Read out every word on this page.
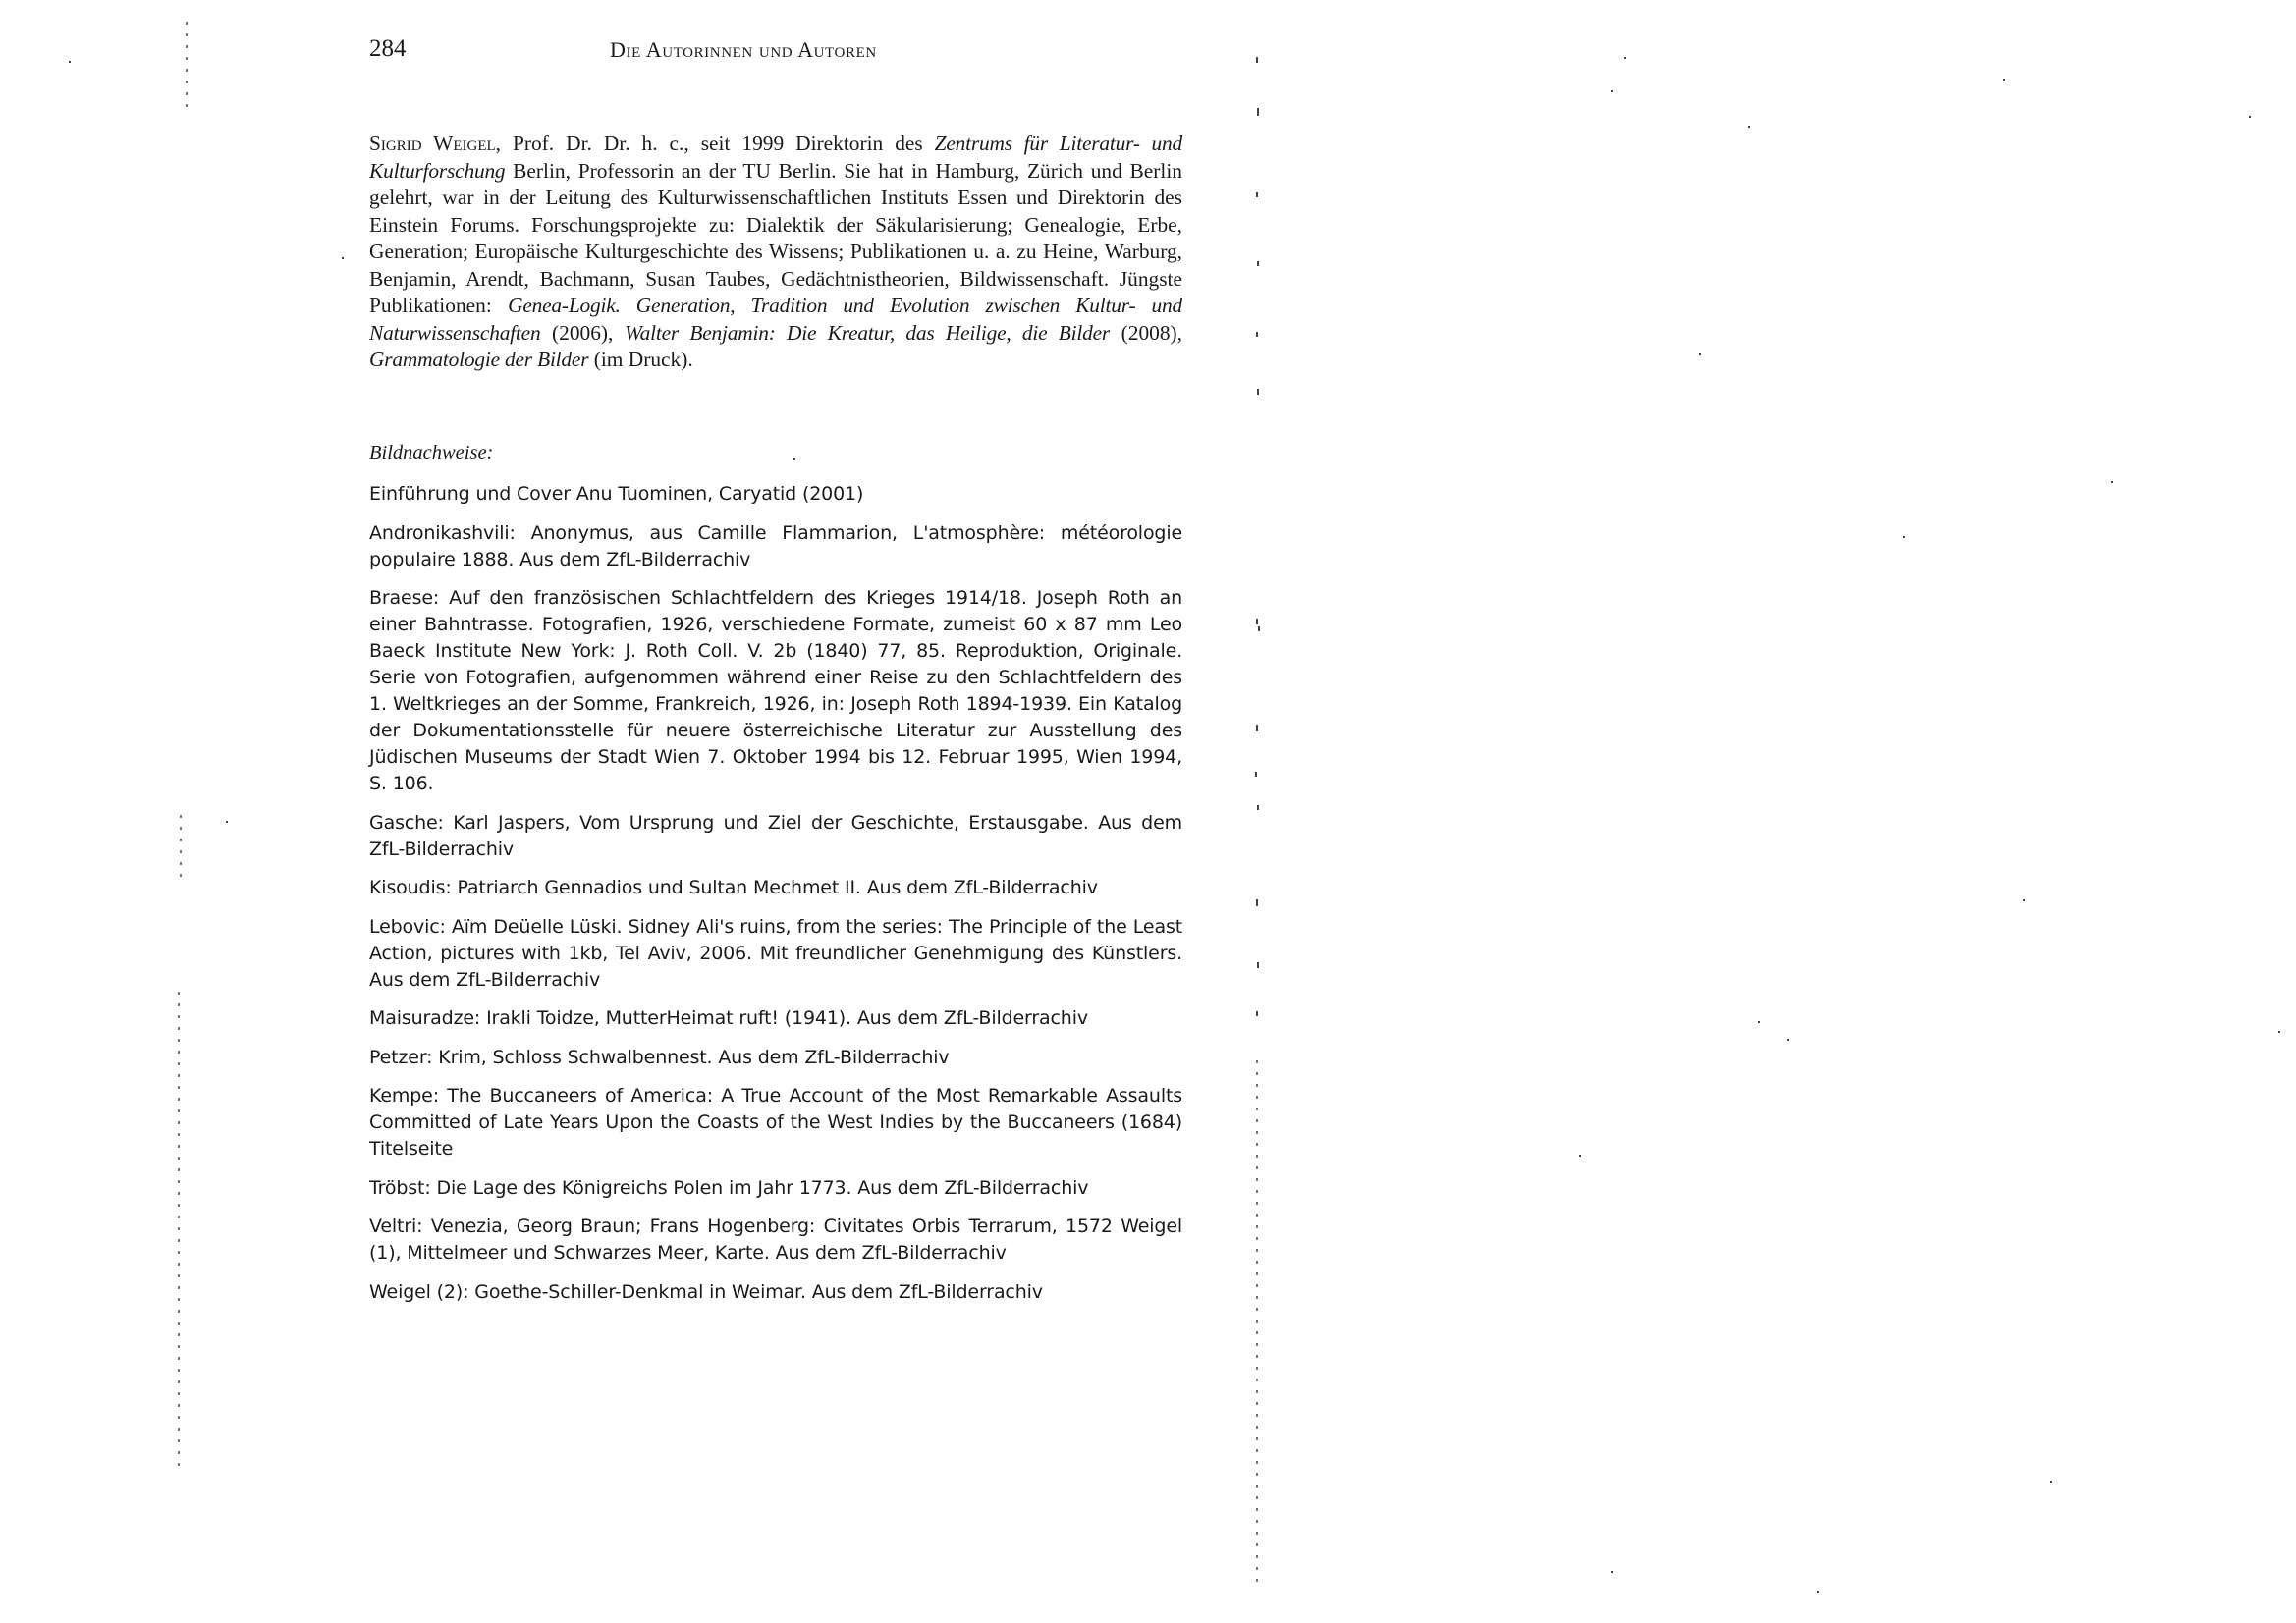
284	Die Autorinnen und Autoren

Sigrid Weigel, Prof. Dr. Dr. h. c., seit 1999 Direktorin des Zentrums für Literatur- und Kulturforschung Berlin, Professorin an der TU Berlin. Sie hat in Hamburg, Zürich und Berlin gelehrt, war in der Leitung des Kulturwissenschaftlichen Instituts Essen und Direktorin des Einstein Forums. Forschungsprojekte zu: Dialektik der Säkularisierung; Genealogie, Erbe, Generation; Europäische Kulturgeschichte des Wissens; Publikationen u. a. zu Heine, Warburg, Benjamin, Arendt, Bachmann, Susan Taubes, Gedächtnistheorien, Bildwissenschaft. Jüngste Publikationen: Genea-Logik. Generation, Tradition und Evolution zwischen Kultur- und Naturwissenschaften (2006), Walter Benjamin: Die Kreatur, das Heilige, die Bilder (2008), Grammatologie der Bilder (im Druck).

Bildnachweise:

Einführung und Cover Anu Tuominen, Caryatid (2001)

Andronikashvili: Anonymus, aus Camille Flammarion, L'atmosphère: météorologie populaire 1888. Aus dem ZfL-Bilderrachiv

Braese: Auf den französischen Schlachtfeldern des Krieges 1914/18. Joseph Roth an einer Bahntrasse. Fotografien, 1926, verschiedene Formate, zumeist 60 x 87 mm Leo Baeck Institute New York: J. Roth Coll. V. 2b (1840) 77, 85. Reproduktion, Originale. Serie von Fotografien, aufgenommen während einer Reise zu den Schlachtfeldern des 1. Weltkrieges an der Somme, Frankreich, 1926, in: Joseph Roth 1894-1939. Ein Katalog der Dokumentationsstelle für neuere österreichische Literatur zur Ausstellung des Jüdischen Museums der Stadt Wien 7. Oktober 1994 bis 12. Februar 1995, Wien 1994, S. 106.

Gasche: Karl Jaspers, Vom Ursprung und Ziel der Geschichte, Erstausgabe. Aus dem ZfL-Bilderrachiv

Kisoudis: Patriarch Gennadios und Sultan Mechmet II. Aus dem ZfL-Bilderrachiv

Lebovic: Aïm Deüelle Lüski. Sidney Ali's ruins, from the series: The Principle of the Least Action, pictures with 1kb, Tel Aviv, 2006. Mit freundlicher Genehmigung des Künstlers. Aus dem ZfL-Bilderrachiv

Maisuradze: Irakli Toidze, MutterHeimat ruft! (1941). Aus dem ZfL-Bilderrachiv

Petzer: Krim, Schloss Schwalbennest. Aus dem ZfL-Bilderrachiv

Kempe: The Buccaneers of America: A True Account of the Most Remarkable Assaults Committed of Late Years Upon the Coasts of the West Indies by the Buccaneers (1684) Titelseite

Tröbst: Die Lage des Königreichs Polen im Jahr 1773. Aus dem ZfL-Bilderrachiv

Veltri: Venezia, Georg Braun; Frans Hogenberg: Civitates Orbis Terrarum, 1572 Weigel (1), Mittelmeer und Schwarzes Meer, Karte. Aus dem ZfL-Bilderrachiv

Weigel (2): Goethe-Schiller-Denkmal in Weimar. Aus dem ZfL-Bilderrachiv
